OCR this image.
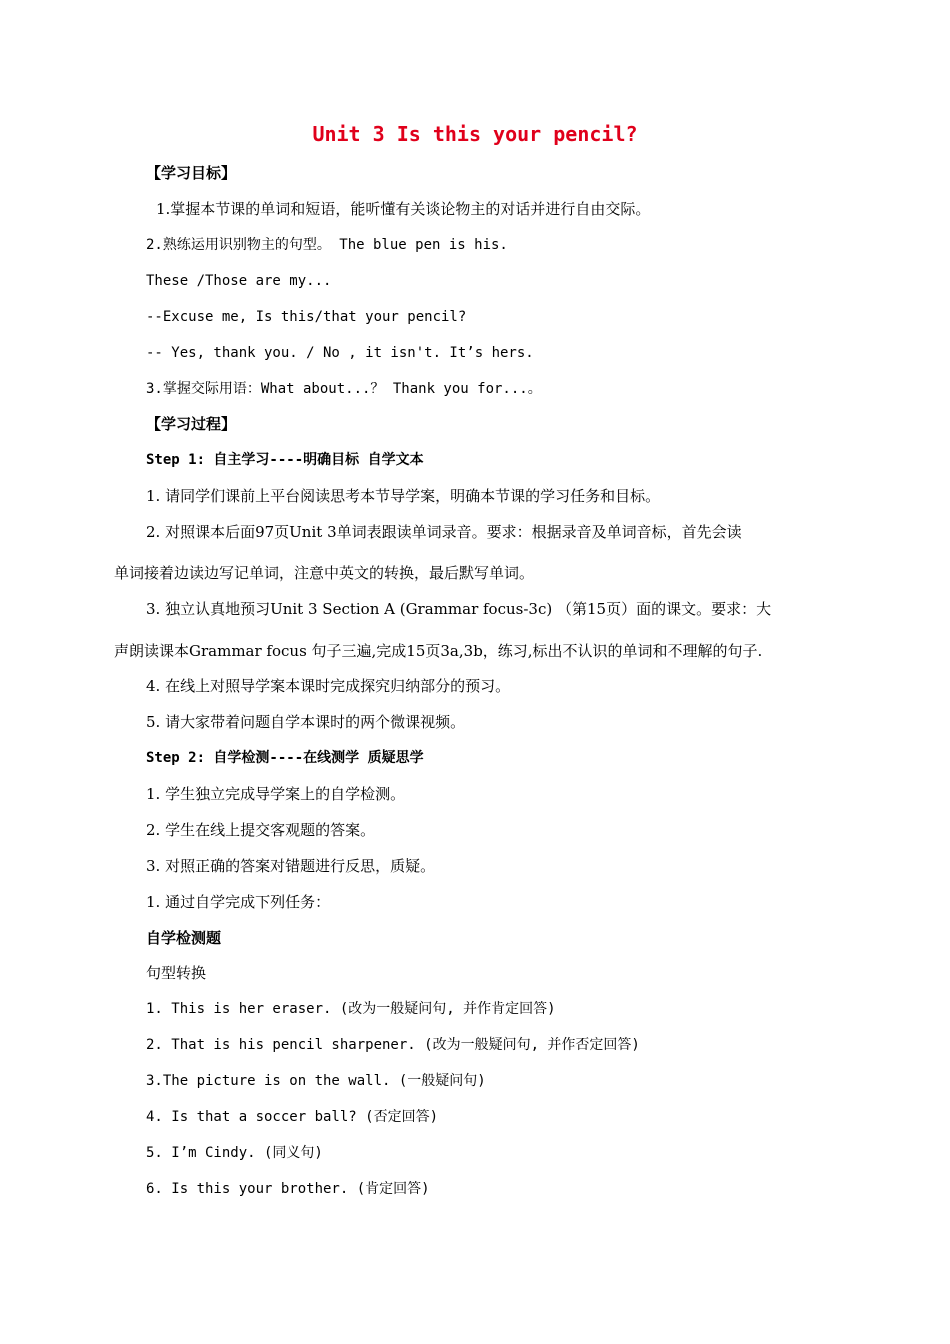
Unit 3 Is this your pencil?
【学习目标】
1.掌握本节课的单词和短语，能听懂有关谈论物主的对话并进行自由交际。
2.熟练运用识别物主的句型。 The blue pen is his.
These /Those are my...
--Excuse me, Is this/that your pencil?
-- Yes, thank you. / No , it isn't. It’s hers.
3.掌握交际用语：What about...？ Thank you for...。
【学习过程】
Step 1: 自主学习----明确目标 自学文本
1. 请同学们课前上平台阅读思考本节导学案，明确本节课的学习任务和目标。
2. 对照课本后面97页Unit 3单词表跟读单词录音。要求：根据录音及单词音标，首先会读
单词接着边读边写记单词，注意中英文的转换，最后默写单词。
3. 独立认真地预习Unit 3 Section A (Grammar focus-3c) （第15页）面的课文。要求：大
声朗读课本Grammar focus 句子三遍,完成15页3a,3b，练习,标出不认识的单词和不理解的句子.
4. 在线上对照导学案本课时完成探究归纳部分的预习。
5. 请大家带着问题自学本课时的两个微课视频。
Step 2: 自学检测----在线测学 质疑思学
1. 学生独立完成导学案上的自学检测。
2. 学生在线上提交客观题的答案。
3. 对照正确的答案对错题进行反思，质疑。
1. 通过自学完成下列任务：
自学检测题
句型转换
1. This is her eraser. (改为一般疑问句, 并作肯定回答)
2. That is his pencil sharpener. (改为一般疑问句, 并作否定回答)
3.The picture is on the wall. (一般疑问句)
4. Is that a soccer ball? (否定回答)
5. I’m Cindy. (同义句)
6. Is this your brother. (肯定回答)
